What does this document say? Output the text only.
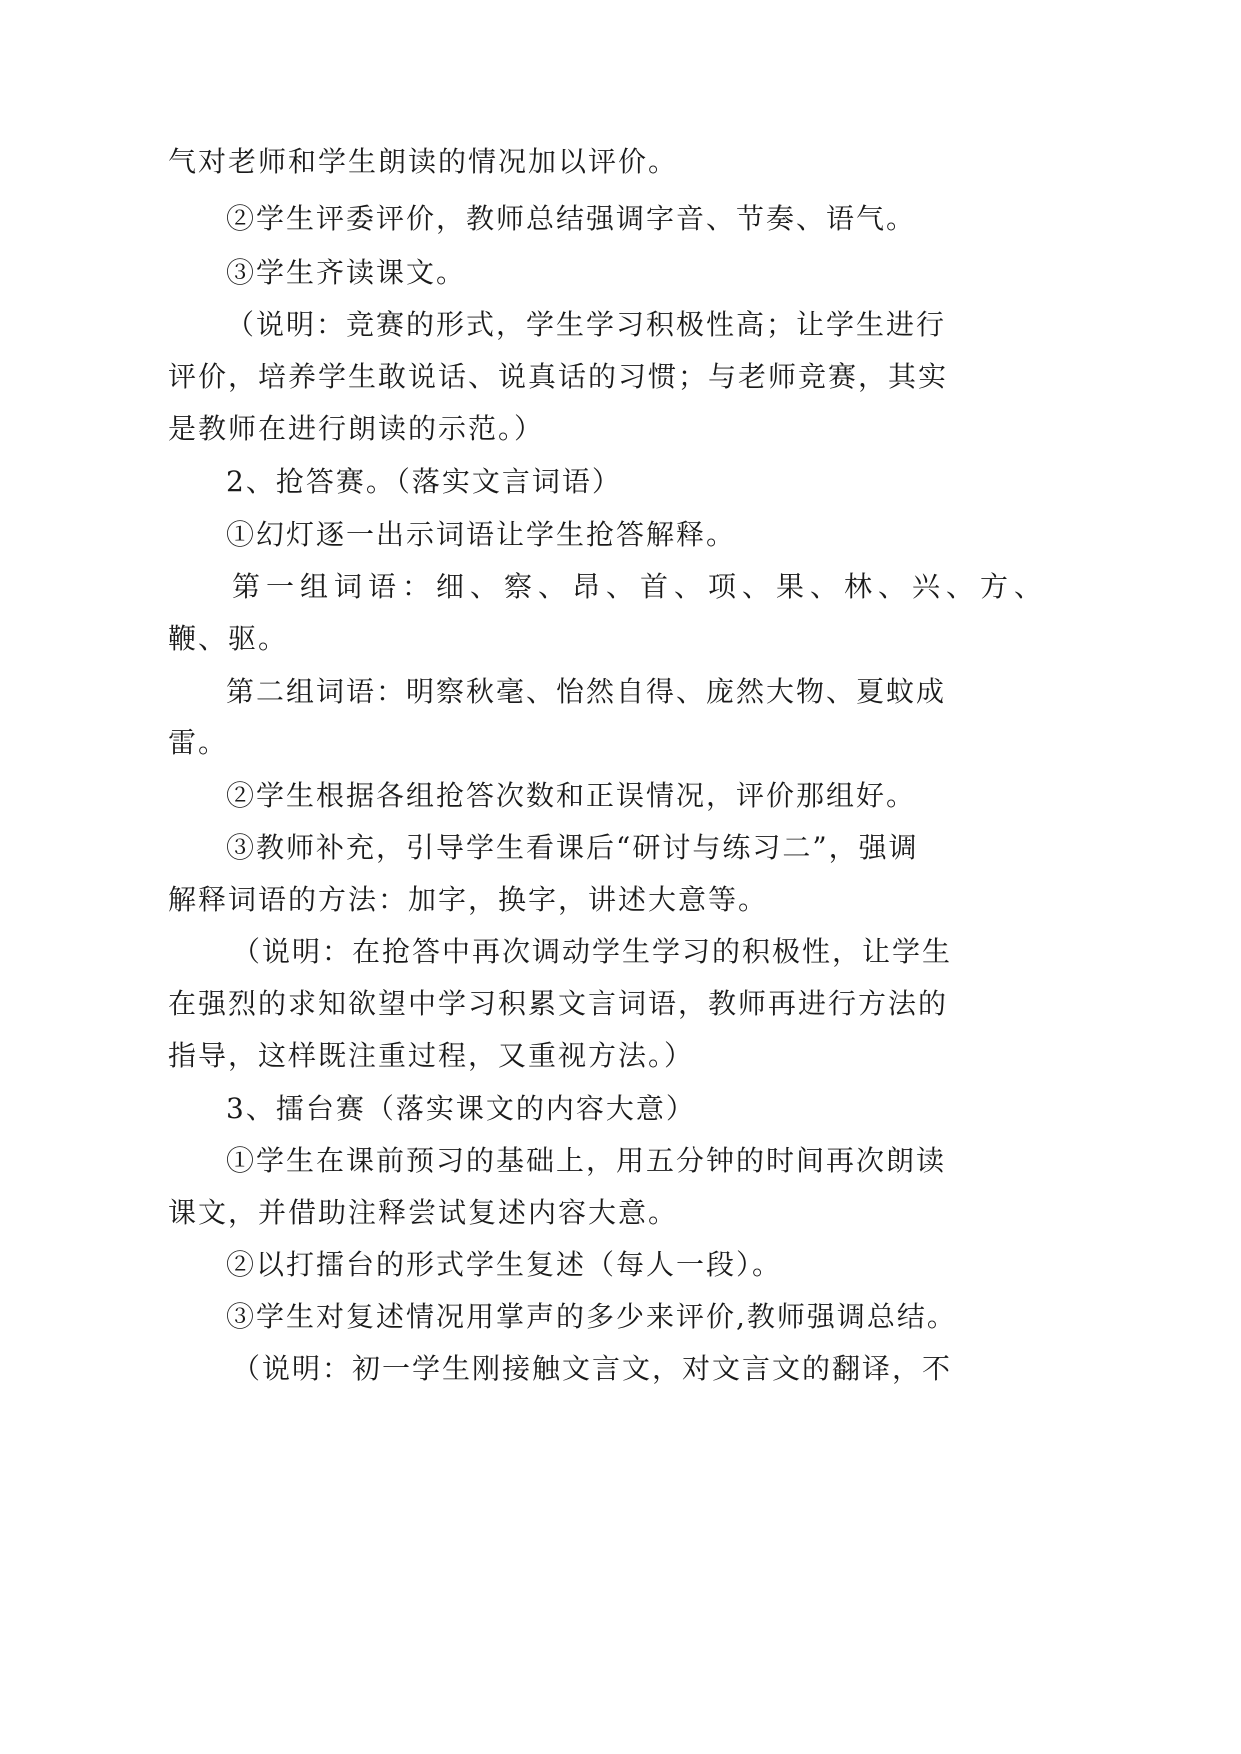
气对老师和学生朗读的情况加以评价。
②学生评委评价，教师总结强调字音、节奏、语气。
③学生齐读课文。
（说明：竞赛的形式，学生学习积极性高；让学生进行
评价，培养学生敢说话、说真话的习惯；与老师竞赛，其实
是教师在进行朗读的示范。）
2、抢答赛。（落实文言词语）
①幻灯逐一出示词语让学生抢答解释。
第一组词语：细、察、昂、首、项、果、林、兴、方、
鞭、驱。
第二组词语：明察秋毫、怡然自得、庞然大物、夏蚊成
雷。
②学生根据各组抢答次数和正误情况，评价那组好。
③教师补充，引导学生看课后“研讨与练习二”，强调
解释词语的方法：加字，换字，讲述大意等。
（说明：在抢答中再次调动学生学习的积极性，让学生
在强烈的求知欲望中学习积累文言词语，教师再进行方法的
指导，这样既注重过程，又重视方法。）
3、擂台赛（落实课文的内容大意）
①学生在课前预习的基础上，用五分钟的时间再次朗读
课文，并借助注释尝试复述内容大意。
②以打擂台的形式学生复述（每人一段）。
③学生对复述情况用掌声的多少来评价,教师强调总结。
（说明：初一学生刚接触文言文，对文言文的翻译，不
